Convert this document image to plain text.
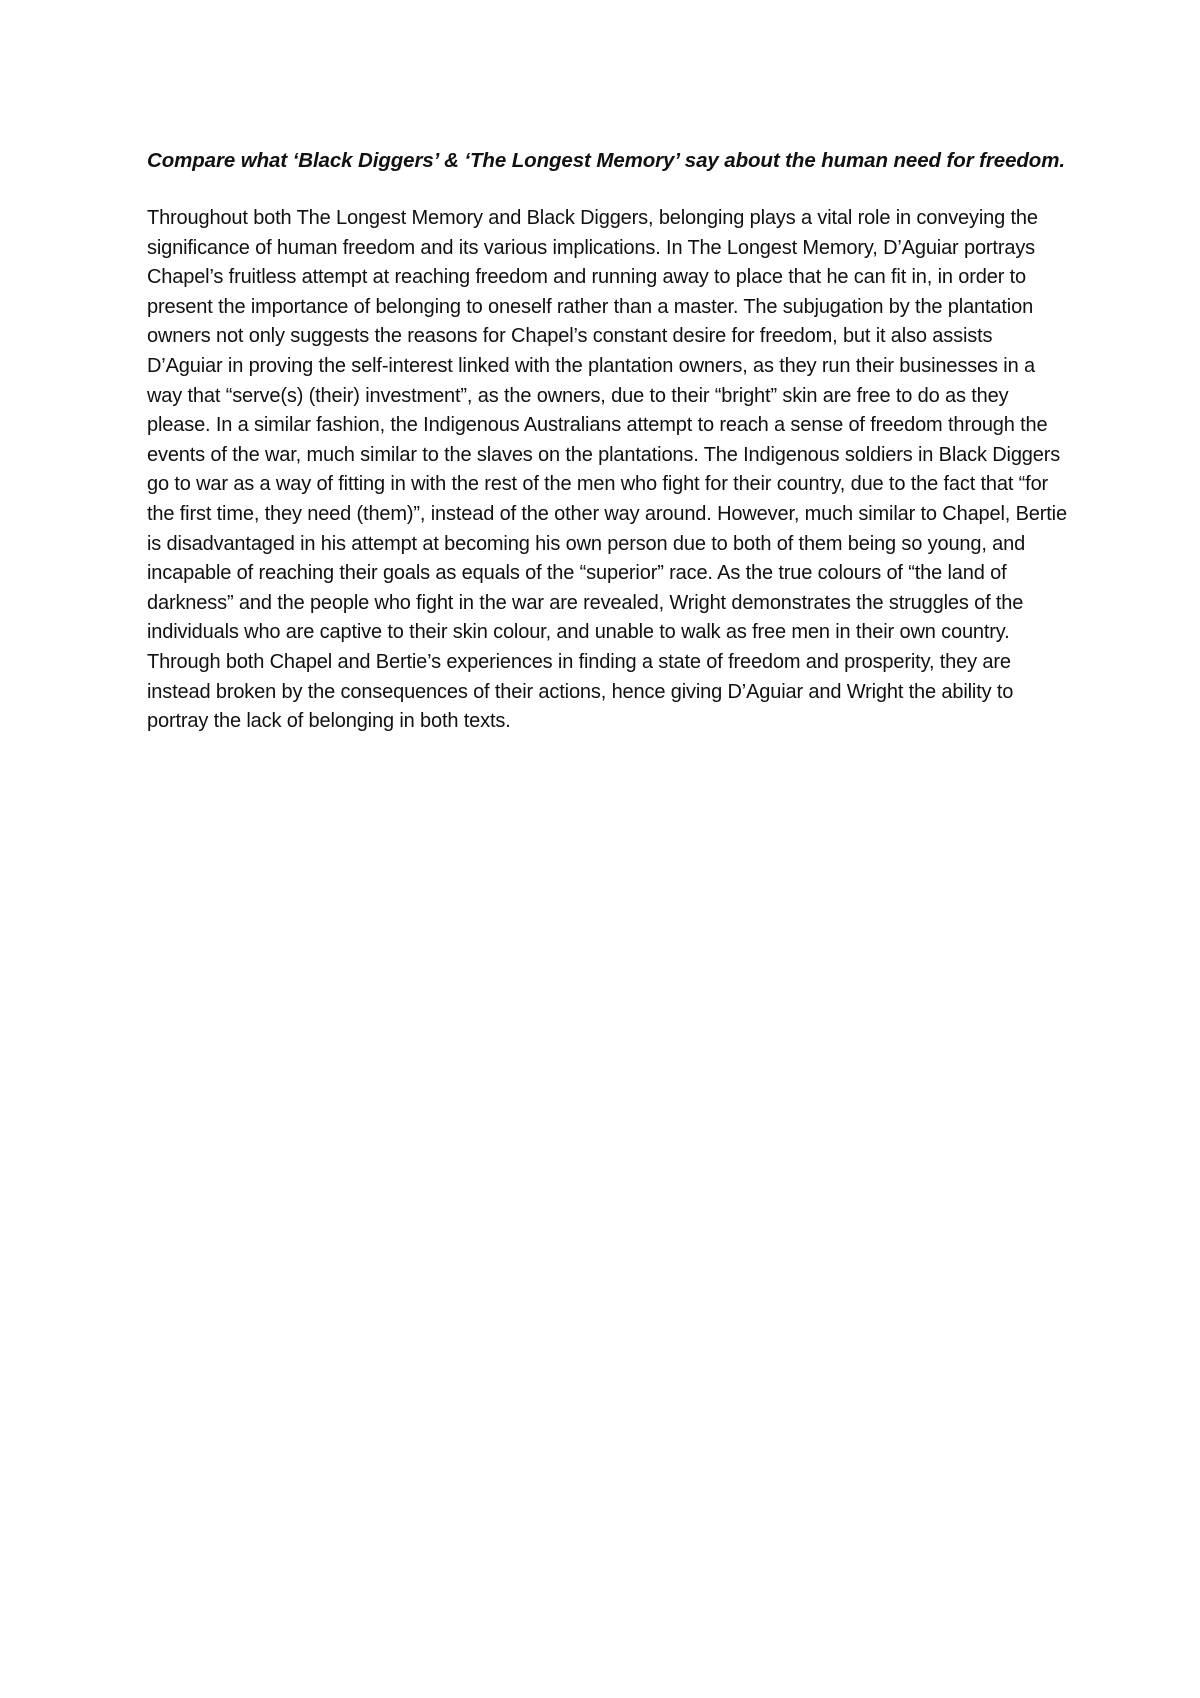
Compare what ‘Black Diggers’ & ‘The Longest Memory’ say about the human need for freedom.

Throughout both The Longest Memory and Black Diggers, belonging plays a vital role in conveying the significance of human freedom and its various implications. In The Longest Memory, D’Aguiar portrays Chapel’s fruitless attempt at reaching freedom and running away to place that he can fit in, in order to present the importance of belonging to oneself rather than a master. The subjugation by the plantation owners not only suggests the reasons for Chapel’s constant desire for freedom, but it also assists D’Aguiar in proving the self-interest linked with the plantation owners, as they run their businesses in a way that “serve(s) (their) investment”, as the owners, due to their “bright” skin are free to do as they please. In a similar fashion, the Indigenous Australians attempt to reach a sense of freedom through the events of the war, much similar to the slaves on the plantations. The Indigenous soldiers in Black Diggers go to war as a way of fitting in with the rest of the men who fight for their country, due to the fact that “for the first time, they need (them)”, instead of the other way around. However, much similar to Chapel, Bertie is disadvantaged in his attempt at becoming his own person due to both of them being so young, and incapable of reaching their goals as equals of the “superior” race. As the true colours of “the land of darkness” and the people who fight in the war are revealed, Wright demonstrates the struggles of the individuals who are captive to their skin colour, and unable to walk as free men in their own country. Through both Chapel and Bertie’s experiences in finding a state of freedom and prosperity, they are instead broken by the consequences of their actions, hence giving D’Aguiar and Wright the ability to portray the lack of belonging in both texts.
